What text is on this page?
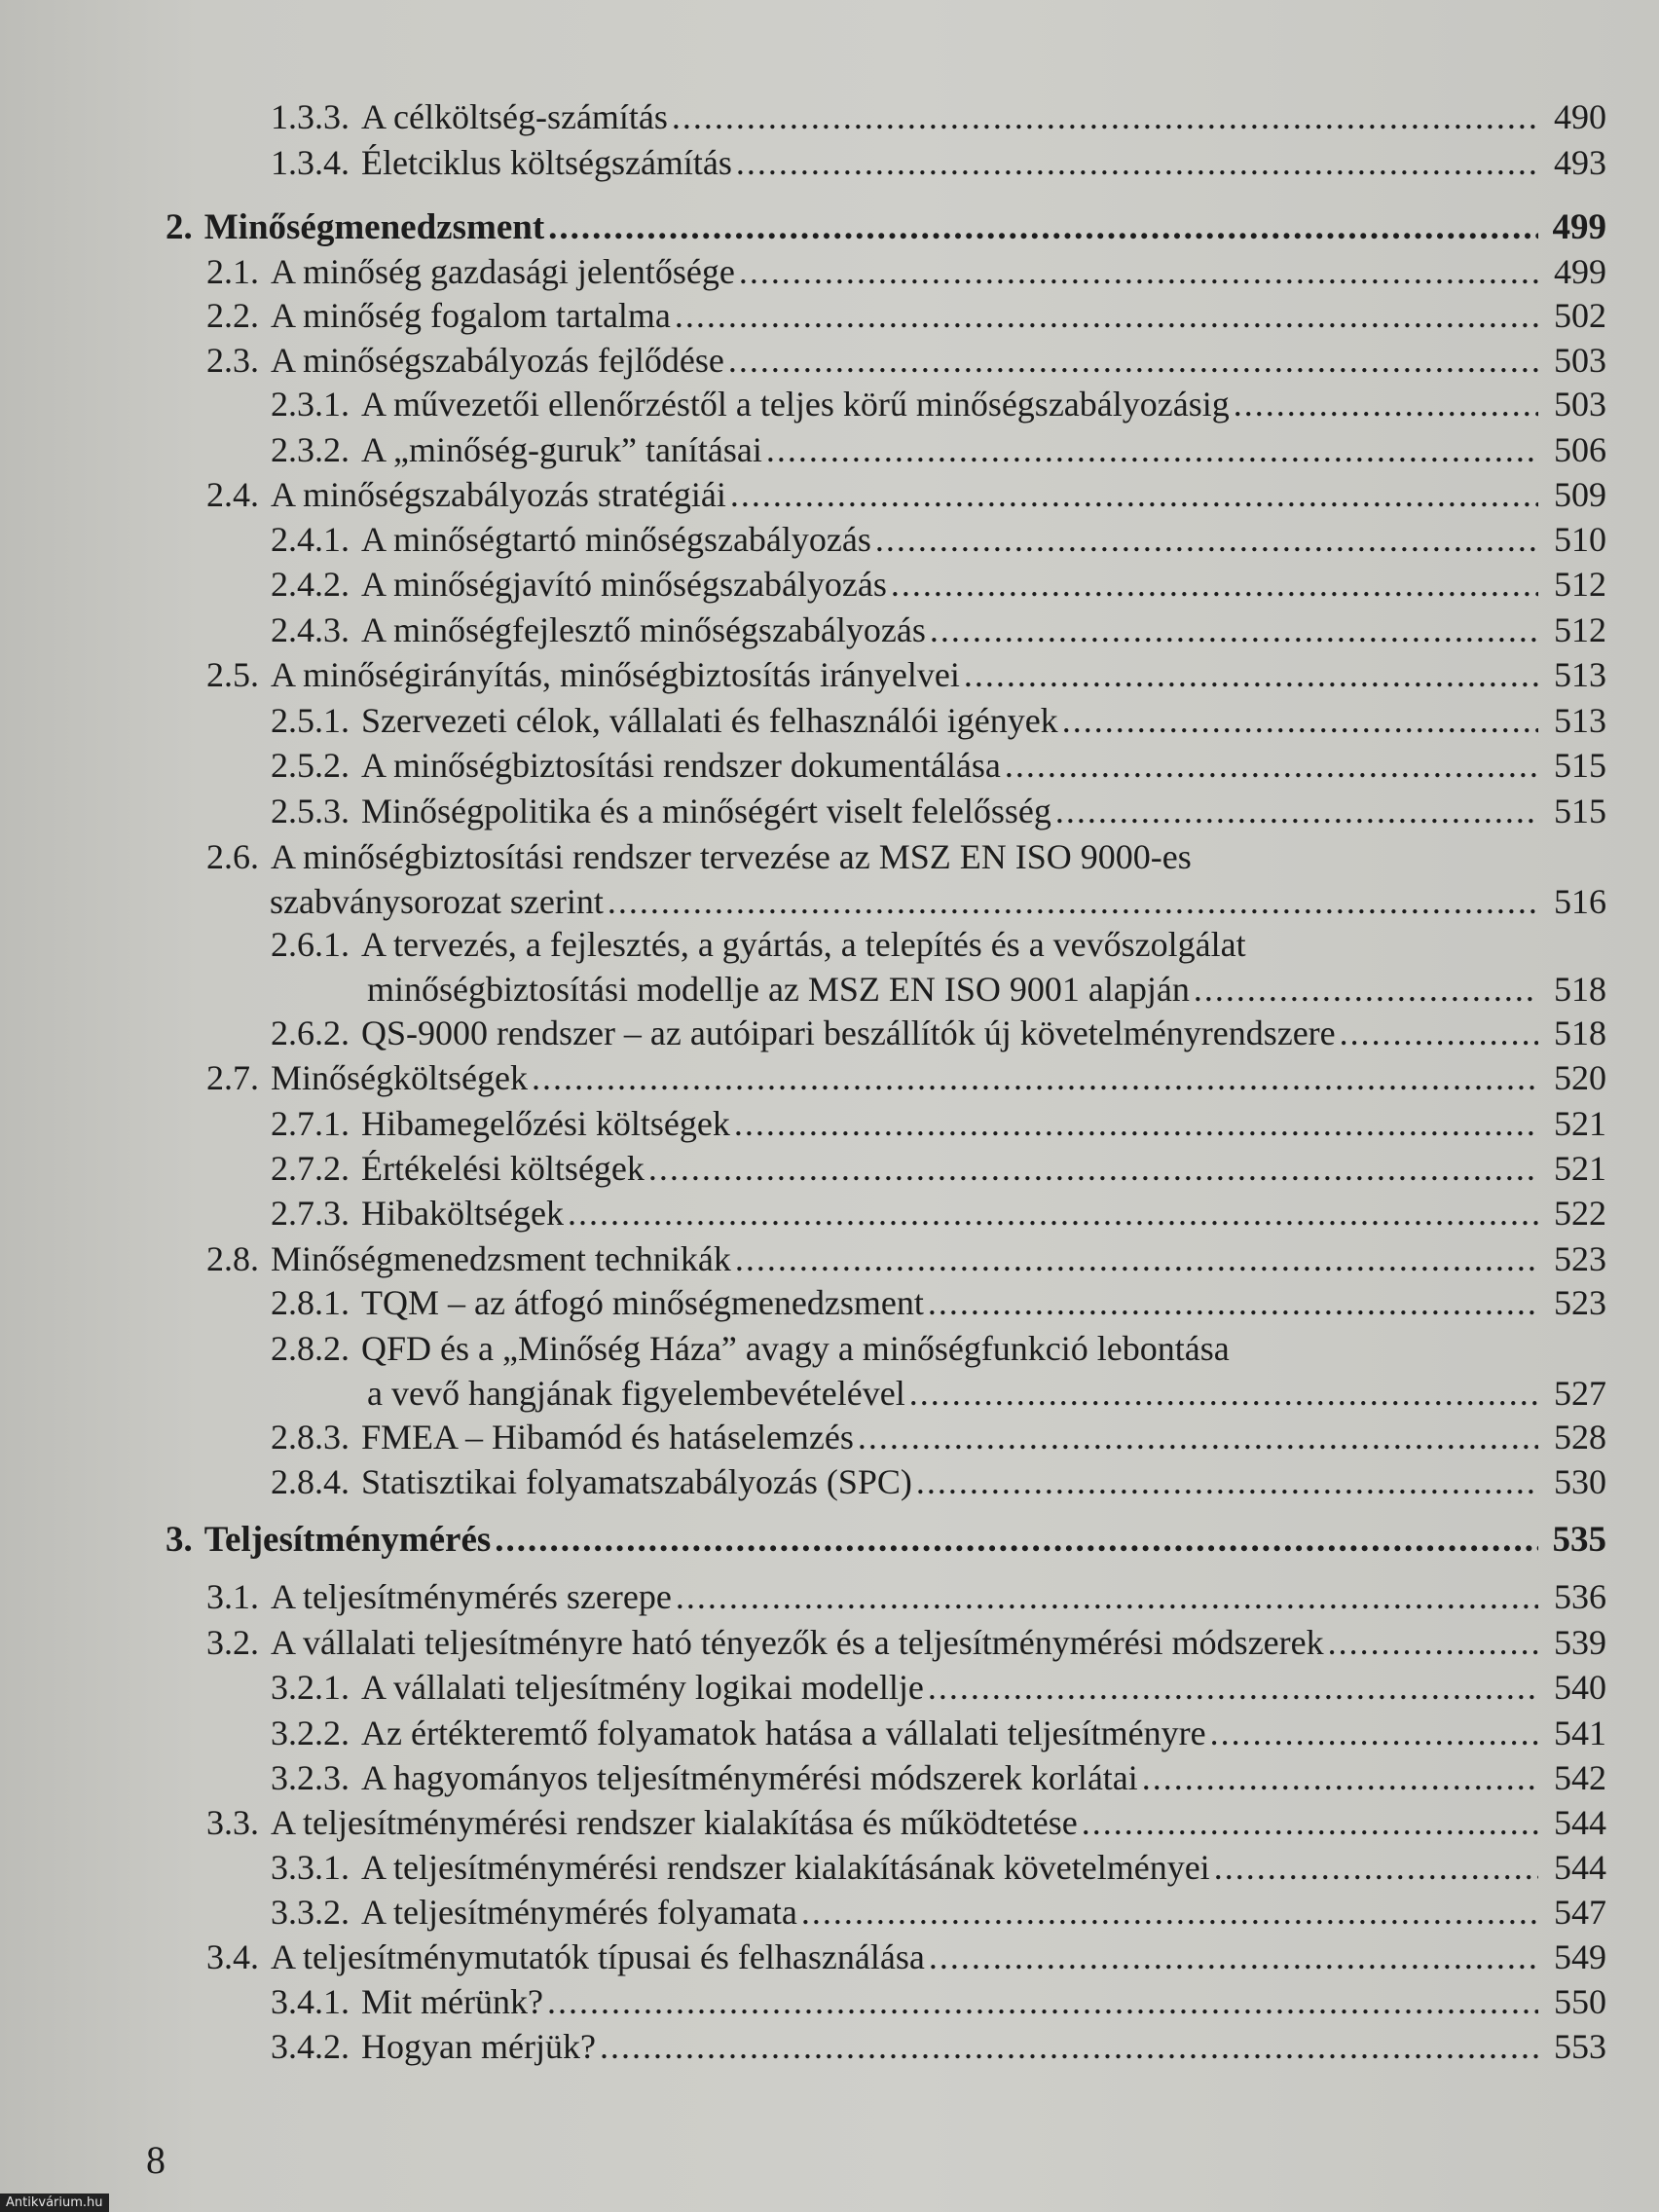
1.3.3. A célköltség-számítás .....	490
1.3.4. Életciklus költségszámítás .....	493
2. Minőségmenedzsment .....	499
2.1. A minőség gazdasági jelentősége .....	499
2.2. A minőség fogalom tartalma .....	502
2.3. A minőségszabályozás fejlődése .....	503
2.3.1. A művezetői ellenőrzéstől a teljes körű minőségszabályozásig .....	503
2.3.2. A „minőség-guruk” tanításai .....	506
2.4. A minőségszabályozás stratégiái .....	509
2.4.1. A minőségtartó minőségszabályozás .....	510
2.4.2. A minőségjavító minőségszabályozás .....	512
2.4.3. A minőségfejlesztő minőségszabályozás .....	512
2.5. A minőségirányítás, minőségbiztosítás irányelvei .....	513
2.5.1. Szervezeti célok, vállalati és felhasználói igények .....	513
2.5.2. A minőségbiztosítási rendszer dokumentálása .....	515
2.5.3. Minőségpolitika és a minőségért viselt felelősség .....	515
2.6. A minőségbiztosítási rendszer tervezése az MSZ EN ISO 9000-es
szabványsorozat szerint .....	516
2.6.1. A tervezés, a fejlesztés, a gyártás, a telepítés és a vevőszolgálat
minőségbiztosítási modellje az MSZ EN ISO 9001 alapján .....	518
2.6.2. QS-9000 rendszer – az autóipari beszállítók új követelményrendszere .....	518
2.7. Minőségköltségek .....	520
2.7.1. Hibamegelőzési költségek .....	521
2.7.2. Értékelési költségek .....	521
2.7.3. Hibaköltségek .....	522
2.8. Minőségmenedzsment technikák .....	523
2.8.1. TQM – az átfogó minőségmenedzsment .....	523
2.8.2. QFD és a „Minőség Háza” avagy a minőségfunkció lebontása
a vevő hangjának figyelembevételével .....	527
2.8.3. FMEA – Hibamód és hatáselemzés .....	528
2.8.4. Statisztikai folyamatszabályozás (SPC) .....	530
3. Teljesítménymérés .....	535
3.1. A teljesítménymérés szerepe .....	536
3.2. A vállalati teljesítményre ható tényezők és a teljesítménymérési módszerek .....	539
3.2.1. A vállalati teljesítmény logikai modellje .....	540
3.2.2. Az értékteremtő folyamatok hatása a vállalati teljesítményre .....	541
3.2.3. A hagyományos teljesítménymérési módszerek korlátai .....	542
3.3. A teljesítménymérési rendszer kialakítása és működtetése .....	544
3.3.1. A teljesítménymérési rendszer kialakításának követelményei .....	544
3.3.2. A teljesítménymérés folyamata .....	547
3.4. A teljesítménymutatók típusai és felhasználása .....	549
3.4.1. Mit mérünk? .....	550
3.4.2. Hogyan mérjük? .....	553
8
Antikvárium.hu
